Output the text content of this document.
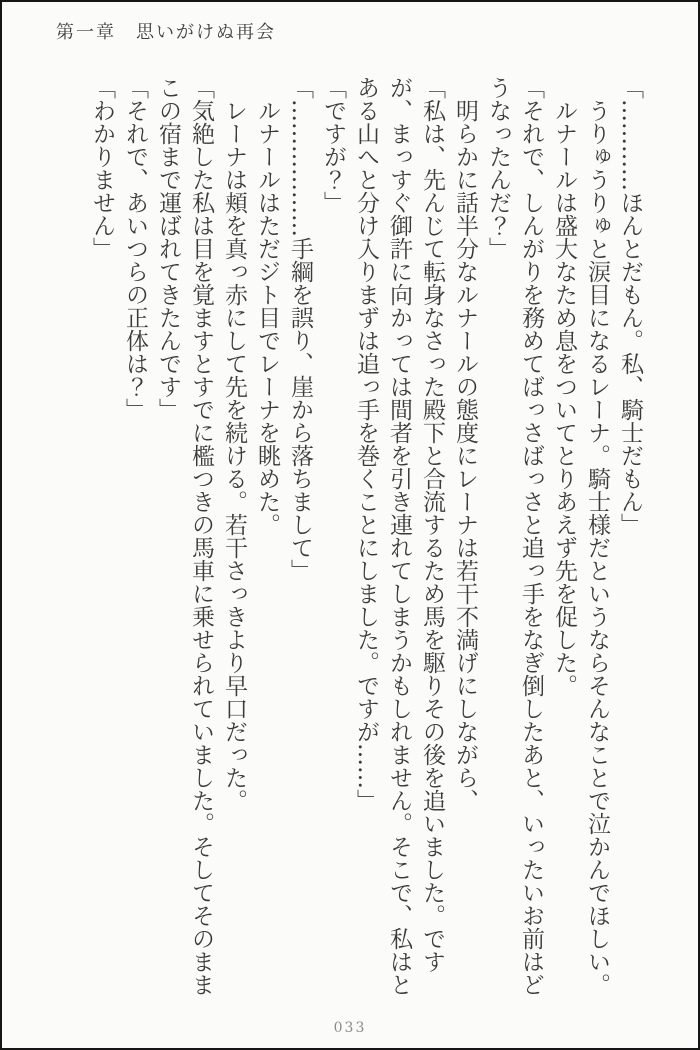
第一章　思いがけぬ再会

「…………ほんとだもん。私、騎士だもん」

うりゅうりゅと涙目になるレーナ。騎士様だというならそんなことで泣かんでほしい。

ルナールは盛大なため息をついてとりあえず先を促した。

「それで、しんがりを務めてばっさばっさと追っ手をなぎ倒したあと、いったいお前はどうなったんだ？」

明らかに話半分なルナールの態度にレーナは若干不満げにしながら、

「私は、先んじて転身なさった殿下と合流するため馬を駆りその後を追いました。ですが、まっすぐ御許に向かっては間者を引き連れてしまうかもしれません。そこで、私はとある山へと分け入りまずは追っ手を巻くことにしました。ですが……」

「ですが？」

「………………手綱を誤り、崖から落ちまして」

ルナールはただジト目でレーナを眺めた。

レーナは頬を真っ赤にして先を続ける。若干さっきより早口だった。

「気絶した私は目を覚ますとすでに檻つきの馬車に乗せられていました。そしてそのままこの宿まで運ばれてきたんです」

「それで、あいつらの正体は？」

「わかりません」

033
